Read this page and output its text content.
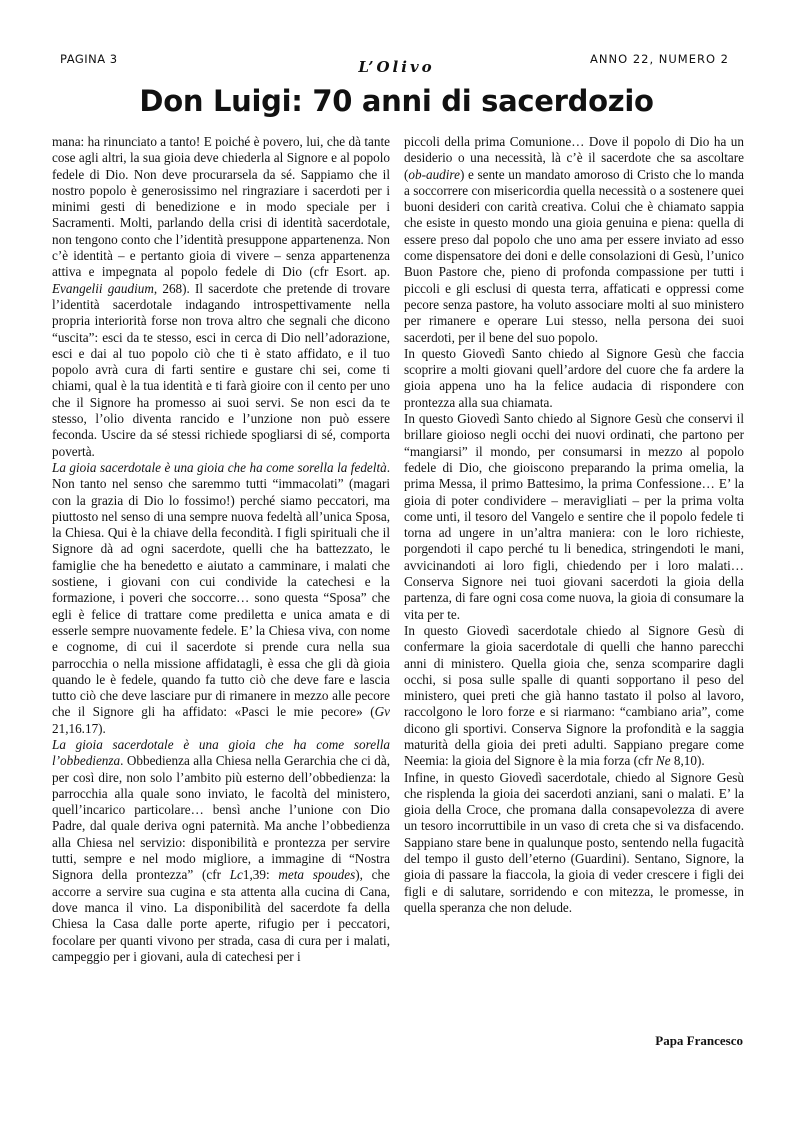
PAGINA 3	L’Olivo	ANNO 22, NUMERO 2
Don Luigi: 70 anni di sacerdozio

mana: ha rinunciato a tanto! E poiché è povero, lui, che dà tante cose agli altri, la sua gioia deve chiederla al Signore e al popolo fedele di Dio. Non deve procurarsela da sé. Sappiamo che il nostro popolo è generosissimo nel ringraziare i sacerdoti per i minimi gesti di benedizione e in modo speciale per i Sacramenti. Molti, parlando della crisi di identità sacerdotale, non tengono conto che l’identità presuppone appartenenza. Non c’è identità – e pertanto gioia di vivere – senza appartenenza attiva e impegnata al popolo fedele di Dio (cfr Esort. ap. Evangelii gaudium, 268). Il sacerdote che pretende di trovare l’identità sacerdotale indagando introspettivamente nella propria interiorità forse non trova altro che segnali che dicono “uscita”: esci da te stesso, esci in cerca di Dio nell’adorazione, esci e dai al tuo popolo ciò che ti è stato affidato, e il tuo popolo avrà cura di farti sentire e gustare chi sei, come ti chiami, qual è la tua identità e ti farà gioire con il cento per uno che il Signore ha promesso ai suoi servi. Se non esci da te stesso, l’olio diventa rancido e l’unzione non può essere feconda. Uscire da sé stessi richiede spogliarsi di sé, comporta povertà.

La gioia sacerdotale è una gioia che ha come sorella la fedeltà. Non tanto nel senso che saremmo tutti “immacolati” (magari con la grazia di Dio lo fossimo!) perché siamo peccatori, ma piuttosto nel senso di una sempre nuova fedeltà all’unica Sposa, la Chiesa. Qui è la chiave della fecondità. I figli spirituali che il Signore dà ad ogni sacerdote, quelli che ha battezzato, le famiglie che ha benedetto e aiutato a camminare, i malati che sostiene, i giovani con cui condivide la catechesi e la formazione, i poveri che soccorre… sono questa “Sposa” che egli è felice di trattare come prediletta e unica amata e di esserle sempre nuovamente fedele. E’ la Chiesa viva, con nome e cognome, di cui il sacerdote si prende cura nella sua parrocchia o nella missione affidatagli, è essa che gli dà gioia quando le è fedele, quando fa tutto ciò che deve fare e lascia tutto ciò che deve lasciare pur di rimanere in mezzo alle pecore che il Signore gli ha affidato: «Pasci le mie pecore» (Gv 21,16.17).

La gioia sacerdotale è una gioia che ha come sorella l’obbedienza. Obbedienza alla Chiesa nella Gerarchia che ci dà, per così dire, non solo l’ambito più esterno dell’obbedienza: la parrocchia alla quale sono inviato, le facoltà del ministero, quell’incarico particolare… bensì anche l’unione con Dio Padre, dal quale deriva ogni paternità. Ma anche l’obbedienza alla Chiesa nel servizio: disponibilità e prontezza per servire tutti, sempre e nel modo migliore, a immagine di “Nostra Signora della prontezza” (cfr Lc1,39: meta spoudes), che accorre a servire sua cugina e sta attenta alla cucina di Cana, dove manca il vino. La disponibilità del sacerdote fa della Chiesa la Casa dalle porte aperte, rifugio per i peccatori, focolare per quanti vivono per strada, casa di cura per i malati, campeggio per i giovani, aula di catechesi per i

piccoli della prima Comunione… Dove il popolo di Dio ha un desiderio o una necessità, là c’è il sacerdote che sa ascoltare (ob-audire) e sente un mandato amoroso di Cristo che lo manda a soccorrere con misericordia quella necessità o a sostenere quei buoni desideri con carità creativa. Colui che è chiamato sappia che esiste in questo mondo una gioia genuina e piena: quella di essere preso dal popolo che uno ama per essere inviato ad esso come dispensatore dei doni e delle consolazioni di Gesù, l’unico Buon Pastore che, pieno di profonda compassione per tutti i piccoli e gli esclusi di questa terra, affaticati e oppressi come pecore senza pastore, ha voluto associare molti al suo ministero per rimanere e operare Lui stesso, nella persona dei suoi sacerdoti, per il bene del suo popolo.

In questo Giovedì Santo chiedo al Signore Gesù che faccia scoprire a molti giovani quell’ardore del cuore che fa ardere la gioia appena uno ha la felice audacia di rispondere con prontezza alla sua chiamata.

In questo Giovedì Santo chiedo al Signore Gesù che conservi il brillare gioioso negli occhi dei nuovi ordinati, che partono per “mangiarsi” il mondo, per consumarsi in mezzo al popolo fedele di Dio, che gioiscono preparando la prima omelia, la prima Messa, il primo Battesimo, la prima Confessione… E’ la gioia di poter condividere – meravigliati – per la prima volta come unti, il tesoro del Vangelo e sentire che il popolo fedele ti torna ad ungere in un’altra maniera: con le loro richieste, porgendoti il capo perché tu li benedica, stringendoti le mani, avvicinandoti ai loro figli, chiedendo per i loro malati… Conserva Signore nei tuoi giovani sacerdoti la gioia della partenza, di fare ogni cosa come nuova, la gioia di consumare la vita per te.

In questo Giovedì sacerdotale chiedo al Signore Gesù di confermare la gioia sacerdotale di quelli che hanno parecchi anni di ministero. Quella gioia che, senza scomparire dagli occhi, si posa sulle spalle di quanti sopportano il peso del ministero, quei preti che già hanno tastato il polso al lavoro, raccolgono le loro forze e si riarmano: “cambiano aria”, come dicono gli sportivi. Conserva Signore la profondità e la saggia maturità della gioia dei preti adulti. Sappiano pregare come Neemia: la gioia del Signore è la mia forza (cfr Ne 8,10).

Infine, in questo Giovedì sacerdotale, chiedo al Signore Gesù che risplenda la gioia dei sacerdoti anziani, sani o malati. E’ la gioia della Croce, che promana dalla consapevolezza di avere un tesoro incorruttibile in un vaso di creta che si va disfacendo. Sappiano stare bene in qualunque posto, sentendo nella fugacità del tempo il gusto dell’eterno (Guardini). Sentano, Signore, la gioia di passare la fiaccola, la gioia di veder crescere i figli dei figli e di salutare, sorridendo e con mitezza, le promesse, in quella speranza che non delude.

Papa Francesco
